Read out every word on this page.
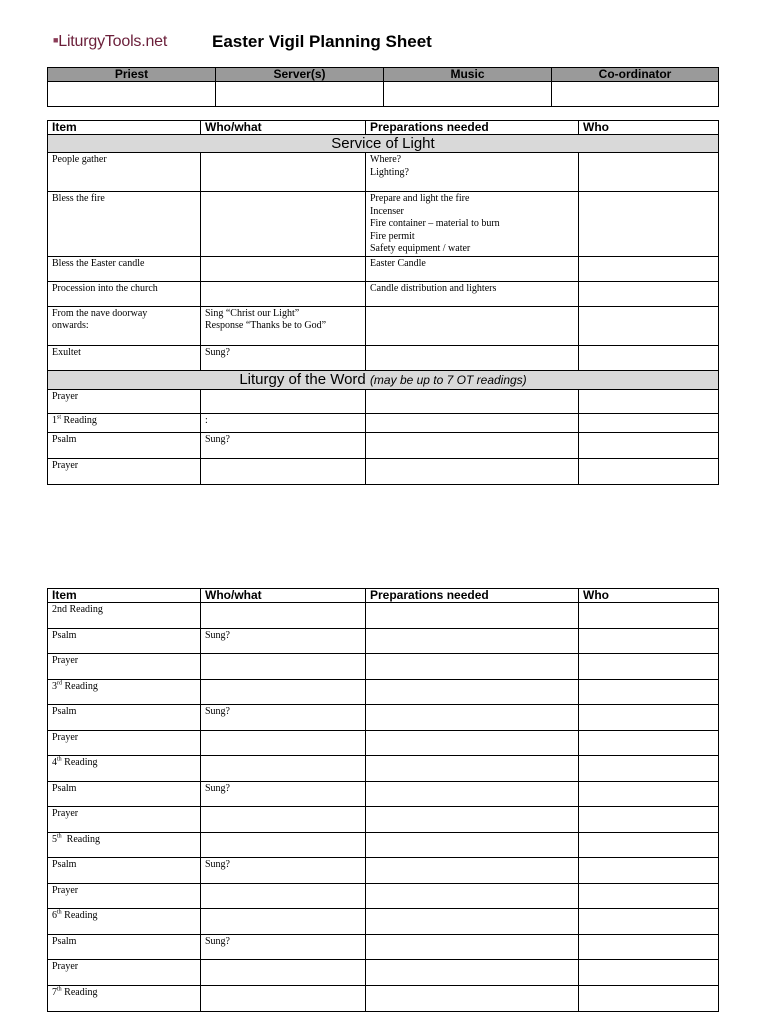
■LiturgyTools.net	Easter Vigil Planning Sheet
Priest	Server(s)	Music	Co-ordinator

Item	Who/what	Preparations needed	Who
Service of Light			

People gather		Where?
Lighting?	

Bless the fire		Prepare and light the fire
Incenser
Fire container – material to burn
Fire permit
Safety equipment / water	

Bless the Easter candle		Easter Candle	

Procession into the church		Candle distribution and lighters	

From the nave doorway
onwards:	Sing “Christ our Light”
Response “Thanks be to God”		

Exultet	Sung?		

Liturgy of the Word (may be up to 7 OT readings)			
Prayer			
1st Reading	:		
Psalm	Sung?		
Prayer			
Item	Who/what	Preparations needed	Who
2nd Reading			
Psalm	Sung?		
Prayer			
3rd Reading			
Psalm	Sung?		
Prayer			
4th Reading			
Psalm	Sung?		
Prayer			
5th  Reading			
Psalm	Sung?		
Prayer			
6th Reading			
Psalm	Sung?		
Prayer			
7th Reading			
